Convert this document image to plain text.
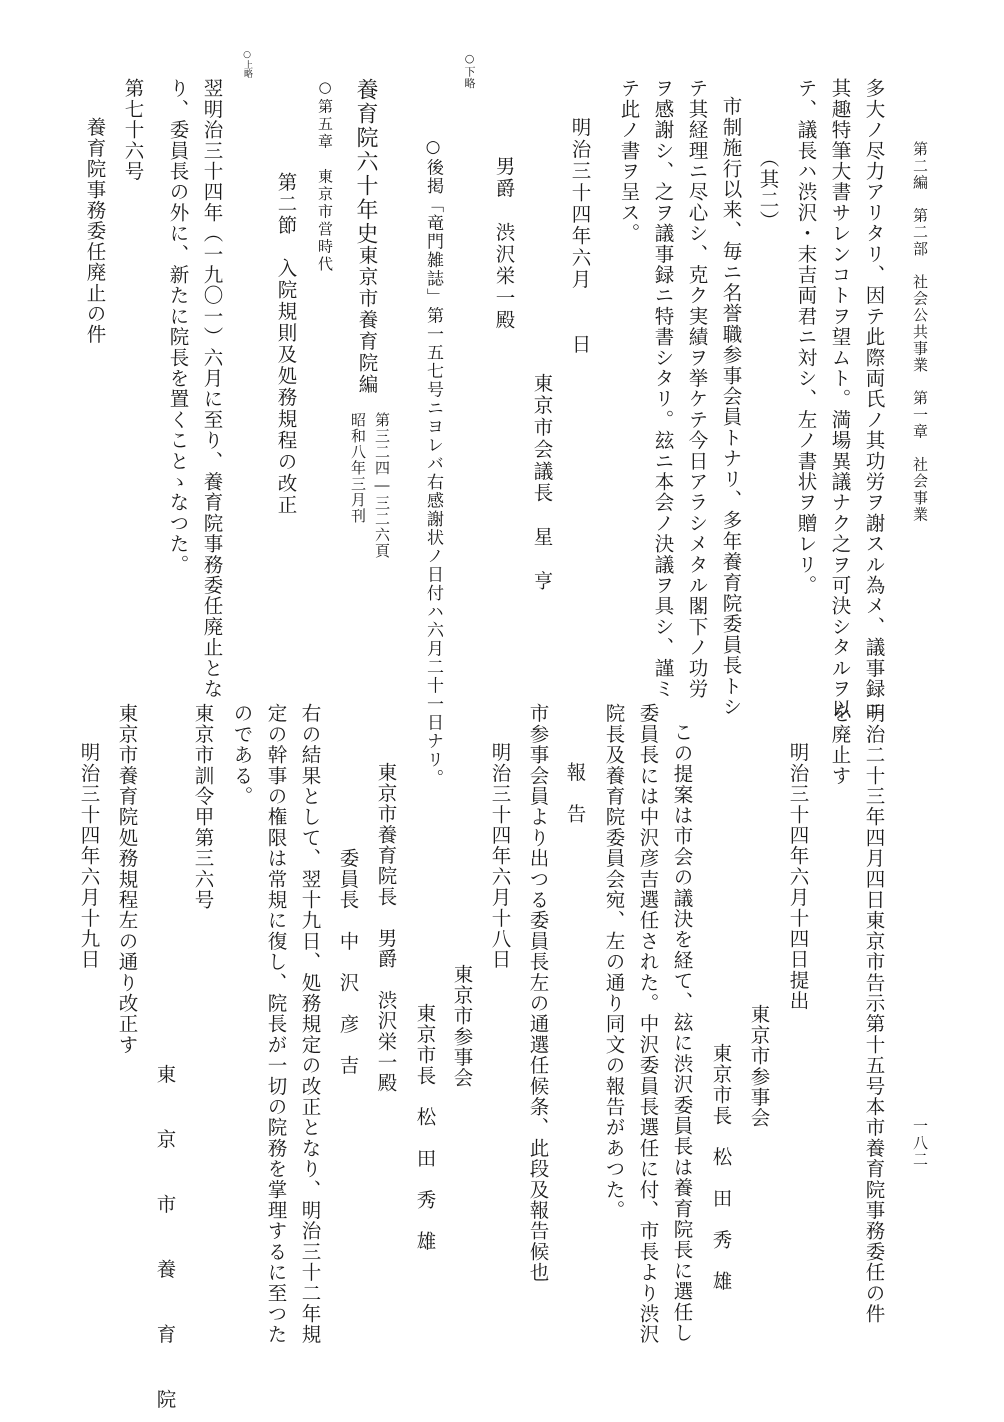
第二編　第二部　社会公共事業　第一章　社会事業
一八二
多大ノ尽力アリタリ、因テ此際両氏ノ其功労ヲ謝スル為メ、議事録ニ
其趣特筆大書サレンコトヲ望ムト。満場異議ナク之ヲ可決シタルヲ以
テ、議長ハ渋沢・末吉両君ニ対シ、左ノ書状ヲ贈レリ。
（其二）
市制施行以来、毎ニ名誉職参事会員トナリ、多年養育院委員長トシ
テ其経理ニ尽心シ、克ク実績ヲ挙ケテ今日アラシメタル閣下ノ功労
ヲ感謝シ、之ヲ議事録ニ特書シタリ。玆ニ本会ノ決議ヲ具シ、謹ミ
テ此ノ書ヲ呈ス。
明治三十四年六月　　日
東京市会議長　星　亨
男爵　渋沢栄一殿
○下略
○後掲「竜門雑誌」第一五七号ニヨレバ右感謝状ノ日付ハ六月二十一日ナリ。
養育院六十年史
東京市養育院編
第三二四―三二六頁
昭和八年三月刊
○第五章　東京市営時代
第二節　入院規則及処務規程の改正
○上略
翌明治三十四年（一九〇一）六月に至り、養育院事務委任廃止とな
り、委員長の外に、新たに院長を置くことゝなつた。
第七十六号
養育院事務委任廃止の件
明治二十三年四月四日東京市告示第十五号本市養育院事務委任の件
を廃止す
明治三十四年六月十四日提出
東京市参事会
東京市長　松　田　秀　雄
この提案は市会の議決を経て、玆に渋沢委員長は養育院長に選任し
委員長には中沢彦吉選任された。中沢委員長選任に付、市長より渋沢
院長及養育院委員会宛、左の通り同文の報告があつた。
報　告
市参事会員より出つる委員長左の通選任候条、此段及報告候也
明治三十四年六月十八日
東京市参事会
東京市長　松　田　秀　雄
東京市養育院長　男爵　渋沢栄一殿
委員長　中　沢　彦　吉
右の結果として、翌十九日、処務規定の改正となり、明治三十二年規
定の幹事の権限は常規に復し、院長が一切の院務を掌理するに至つた
のである。
東京市訓令甲第三六号
東　京　市　養　育　院
東京市養育院処務規程左の通り改正す
明治三十四年六月十九日
